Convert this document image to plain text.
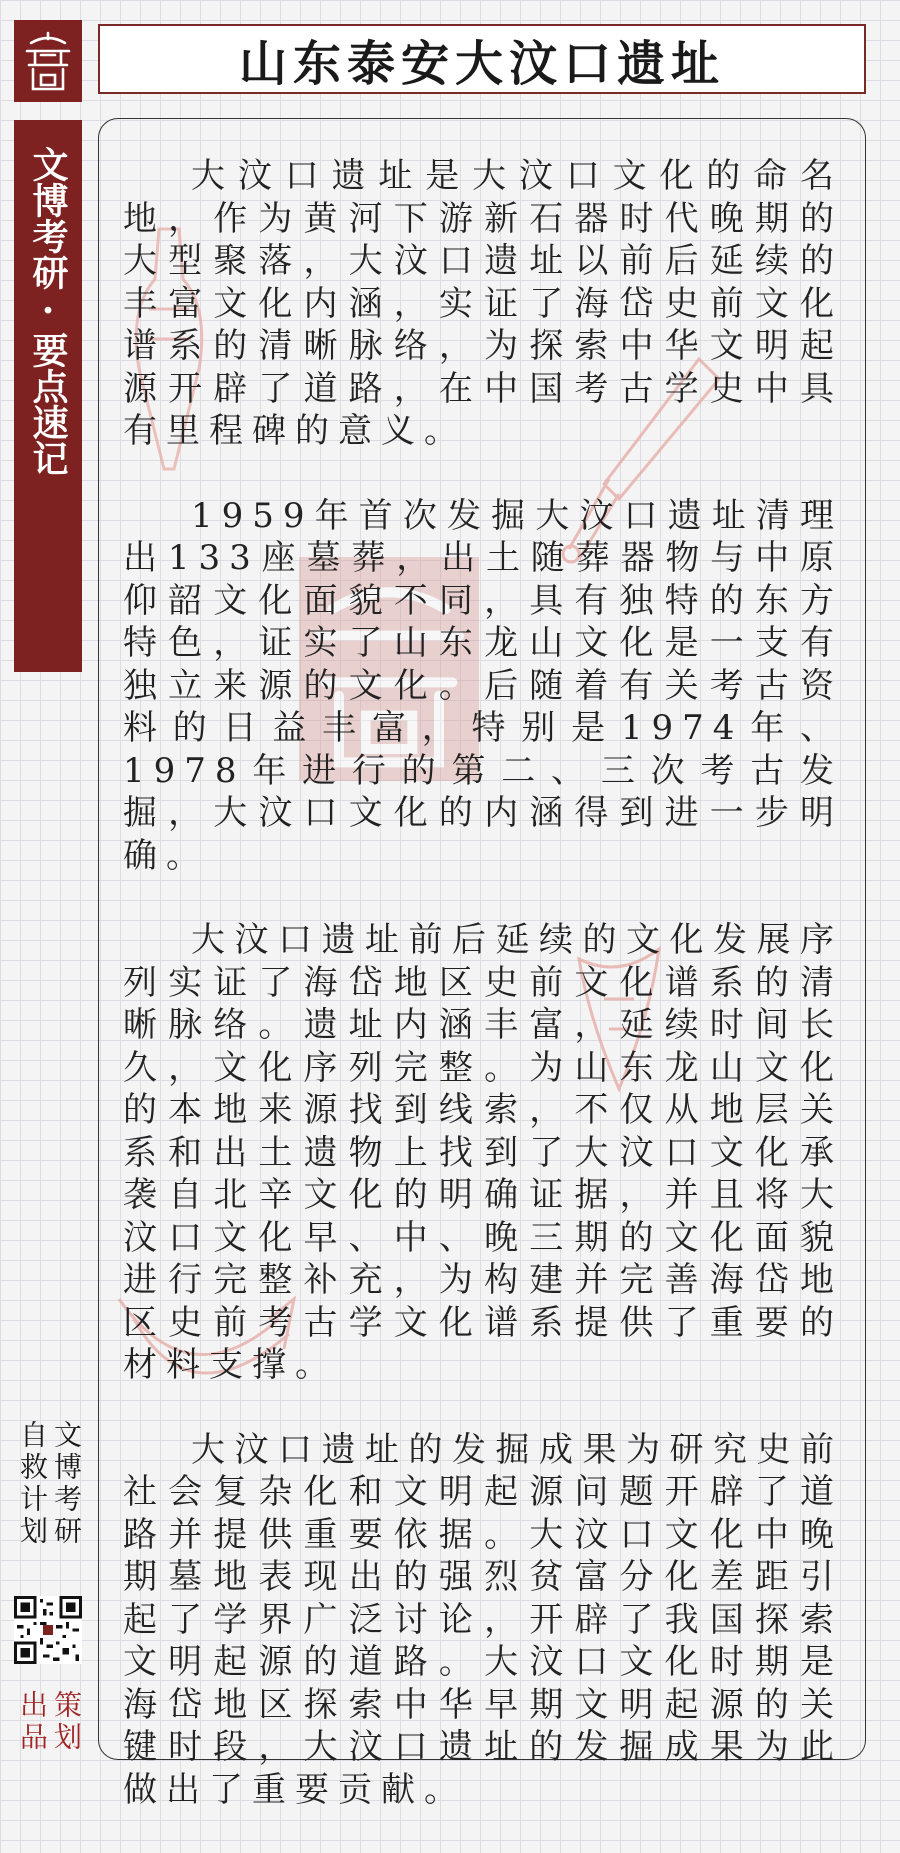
山东泰安大汶口遗址
文博考研·要点速记	大汶口遗址是大汶口文化的命名地，作为黄河下游新石器时代晚期的大型聚落，大汶口遗址以前后延续的丰富文化内涵，实证了海岱史前文化谱系的清晰脉络，为探索中华文明起源开辟了道路，在中国考古学史中具有里程碑的意义。

1959年首次发掘大汶口遗址清理出133座墓葬，出土随葬器物与中原仰韶文化面貌不同，具有独特的东方特色，证实了山东龙山文化是一支有独立来源的文化。后随着有关考古资料的日益丰富，特别是1974年、1978年进行的第二、三次考古发掘，大汶口文化的内涵得到进一步明确。

大汶口遗址前后延续的文化发展序列实证了海岱地区史前文化谱系的清晰脉络。遗址内涵丰富，延续时间长久，文化序列完整。为山东龙山文化的本地来源找到线索，不仅从地层关系和出土遗物上找到了大汶口文化承袭自北辛文化的明确证据，并且将大汶口文化早、中、晚三期的文化面貌进行完整补充，为构建并完善海岱地区史前考古学文化谱系提供了重要的材料支撑。

大汶口遗址的发掘成果为研究史前社会复杂化和文明起源问题开辟了道路并提供重要依据。大汶口文化中晚期墓地表现出的强烈贫富分化差距引起了学界广泛讨论，开辟了我国探索文明起源的道路。大汶口文化时期是海岱地区探索中华早期文明起源的关键时段，大汶口遗址的发掘成果为此做出了重要贡献。

文博考研
自救计划
策划
出品
